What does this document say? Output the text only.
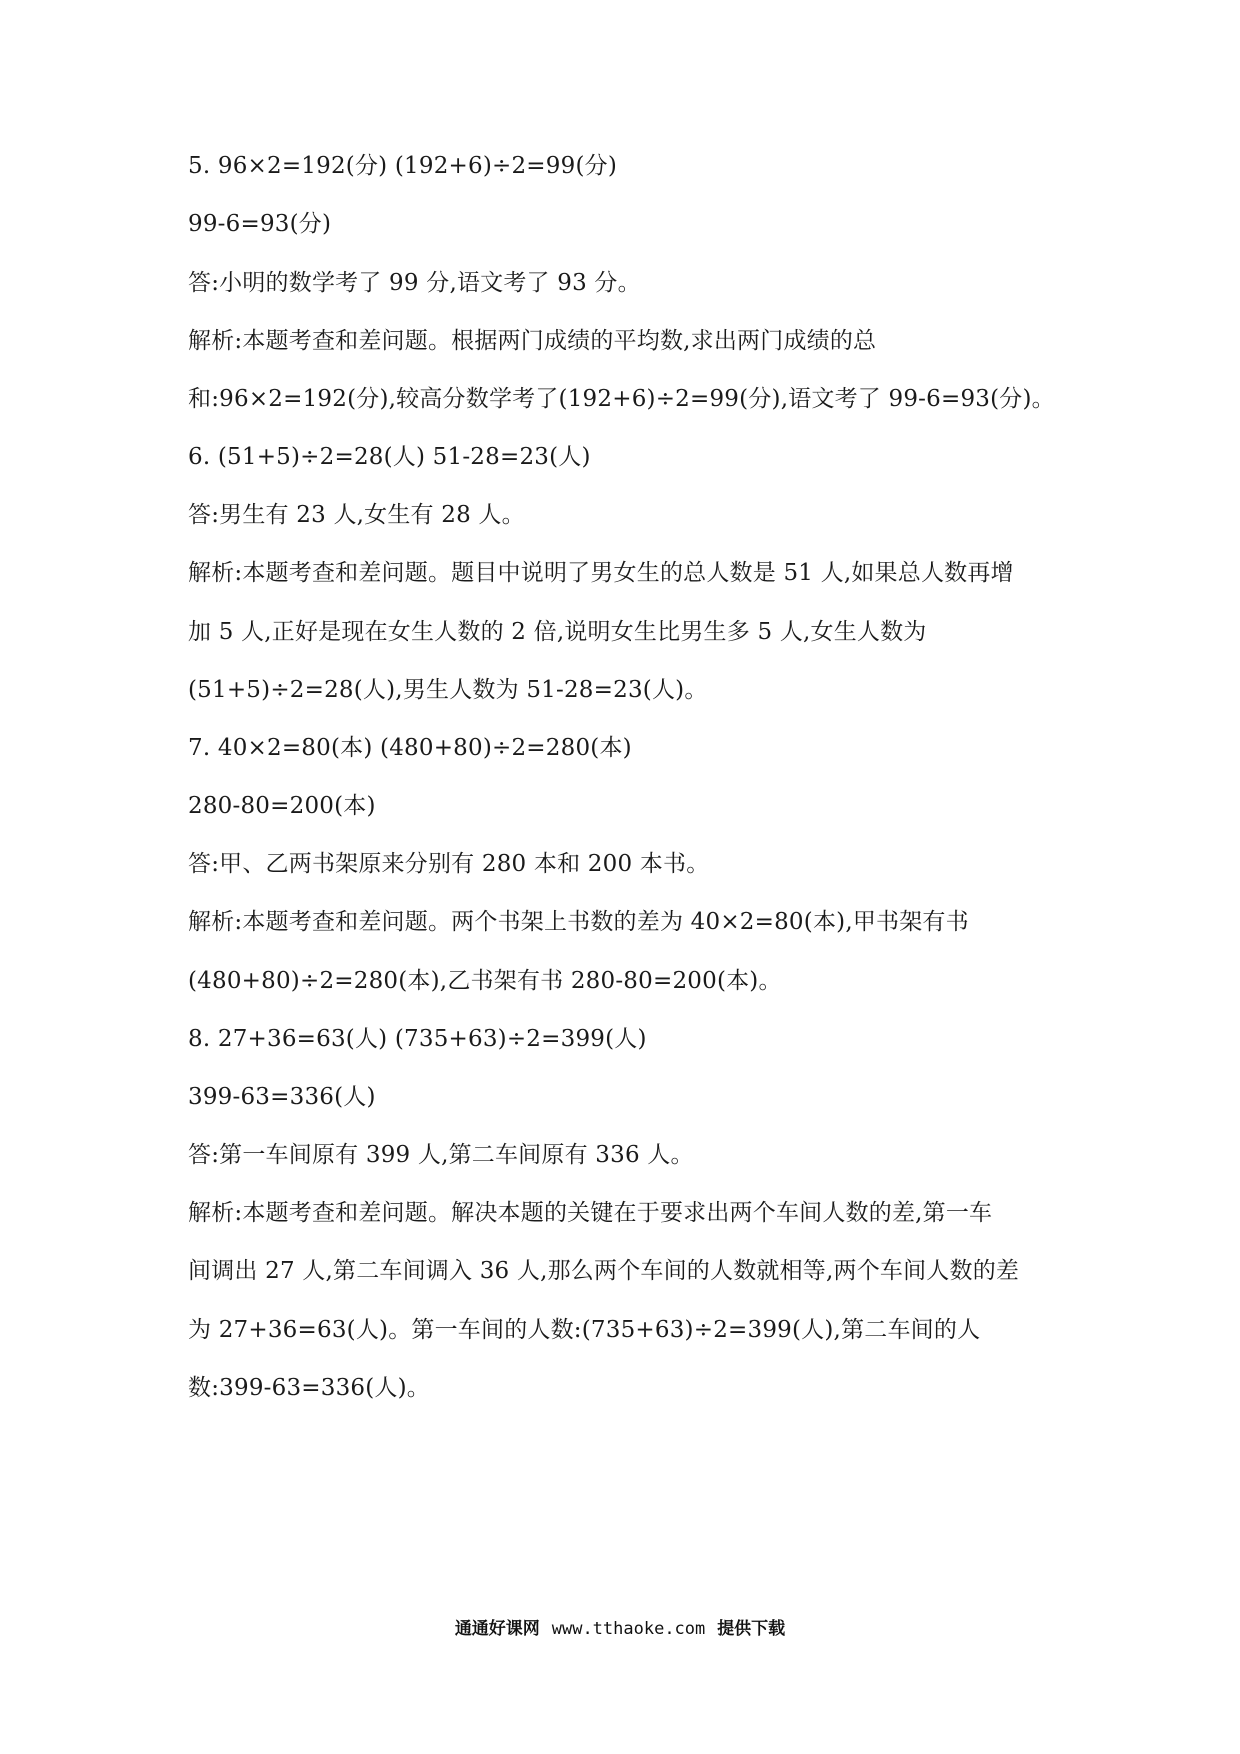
5. 96×2=192(分) (192+6)÷2=99(分)
99-6=93(分)
答:小明的数学考了 99 分,语文考了 93 分。
解析:本题考查和差问题。根据两门成绩的平均数,求出两门成绩的总
和:96×2=192(分),较高分数学考了(192+6)÷2=99(分),语文考了 99-6=93(分)。
6. (51+5)÷2=28(人) 51-28=23(人)
答:男生有 23 人,女生有 28 人。
解析:本题考查和差问题。题目中说明了男女生的总人数是 51 人,如果总人数再增
加 5 人,正好是现在女生人数的 2 倍,说明女生比男生多 5 人,女生人数为
(51+5)÷2=28(人),男生人数为 51-28=23(人)。
7. 40×2=80(本) (480+80)÷2=280(本)
280-80=200(本)
答:甲、乙两书架原来分别有 280 本和 200 本书。
解析:本题考查和差问题。两个书架上书数的差为 40×2=80(本),甲书架有书
(480+80)÷2=280(本),乙书架有书 280-80=200(本)。
8. 27+36=63(人) (735+63)÷2=399(人)
399-63=336(人)
答:第一车间原有 399 人,第二车间原有 336 人。
解析:本题考查和差问题。解决本题的关键在于要求出两个车间人数的差,第一车
间调出 27 人,第二车间调入 36 人,那么两个车间的人数就相等,两个车间人数的差
为 27+36=63(人)。第一车间的人数:(735+63)÷2=399(人),第二车间的人
数:399-63=336(人)。
通通好课网 www.tthaoke.com 提供下载
